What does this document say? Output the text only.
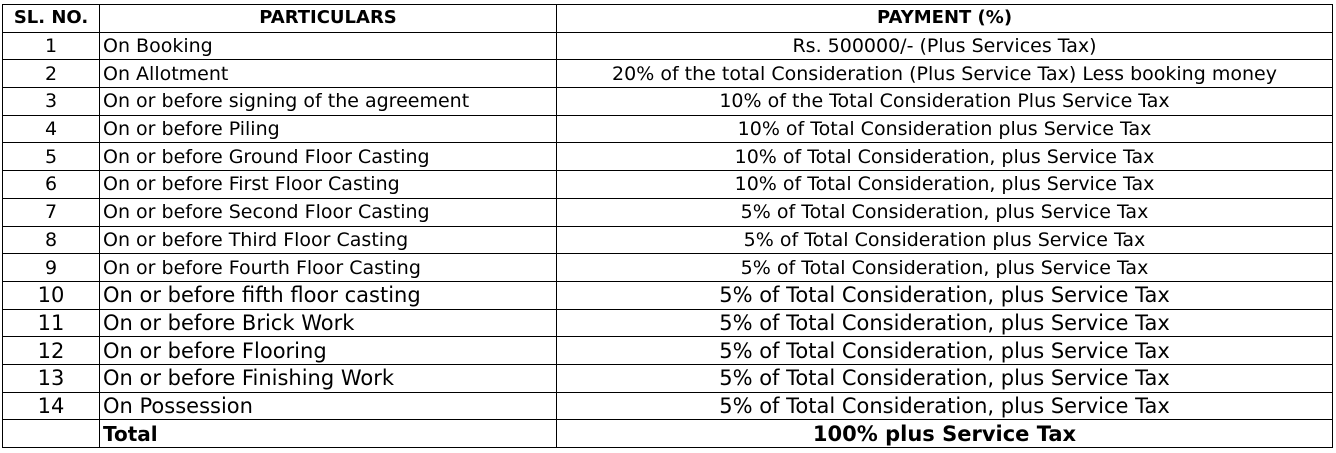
SL. NO.	PARTICULARS	PAYMENT (%)
1	On Booking	Rs. 500000/- (Plus Services Tax)
2	On Allotment	20% of the total Consideration (Plus Service Tax) Less booking money
3	On or before signing of the agreement	10% of the Total Consideration Plus Service Tax
4	On or before Piling	10% of Total Consideration plus Service Tax
5	On or before Ground Floor Casting	10% of Total Consideration, plus Service Tax
6	On or before First Floor Casting	10% of Total Consideration, plus Service Tax
7	On or before Second Floor Casting	5% of Total Consideration, plus Service Tax
8	On or before Third Floor Casting	5% of Total Consideration plus Service Tax
9	On or before Fourth Floor Casting	5% of Total Consideration, plus Service Tax
10	On or before fifth floor casting	5% of Total Consideration, plus Service Tax
11	On or before Brick Work	5% of Total Consideration, plus Service Tax
12	On or before Flooring	5% of Total Consideration, plus Service Tax
13	On or before Finishing Work	5% of Total Consideration, plus Service Tax
14	On Possession	5% of Total Consideration, plus Service Tax
	Total	100% plus Service Tax
